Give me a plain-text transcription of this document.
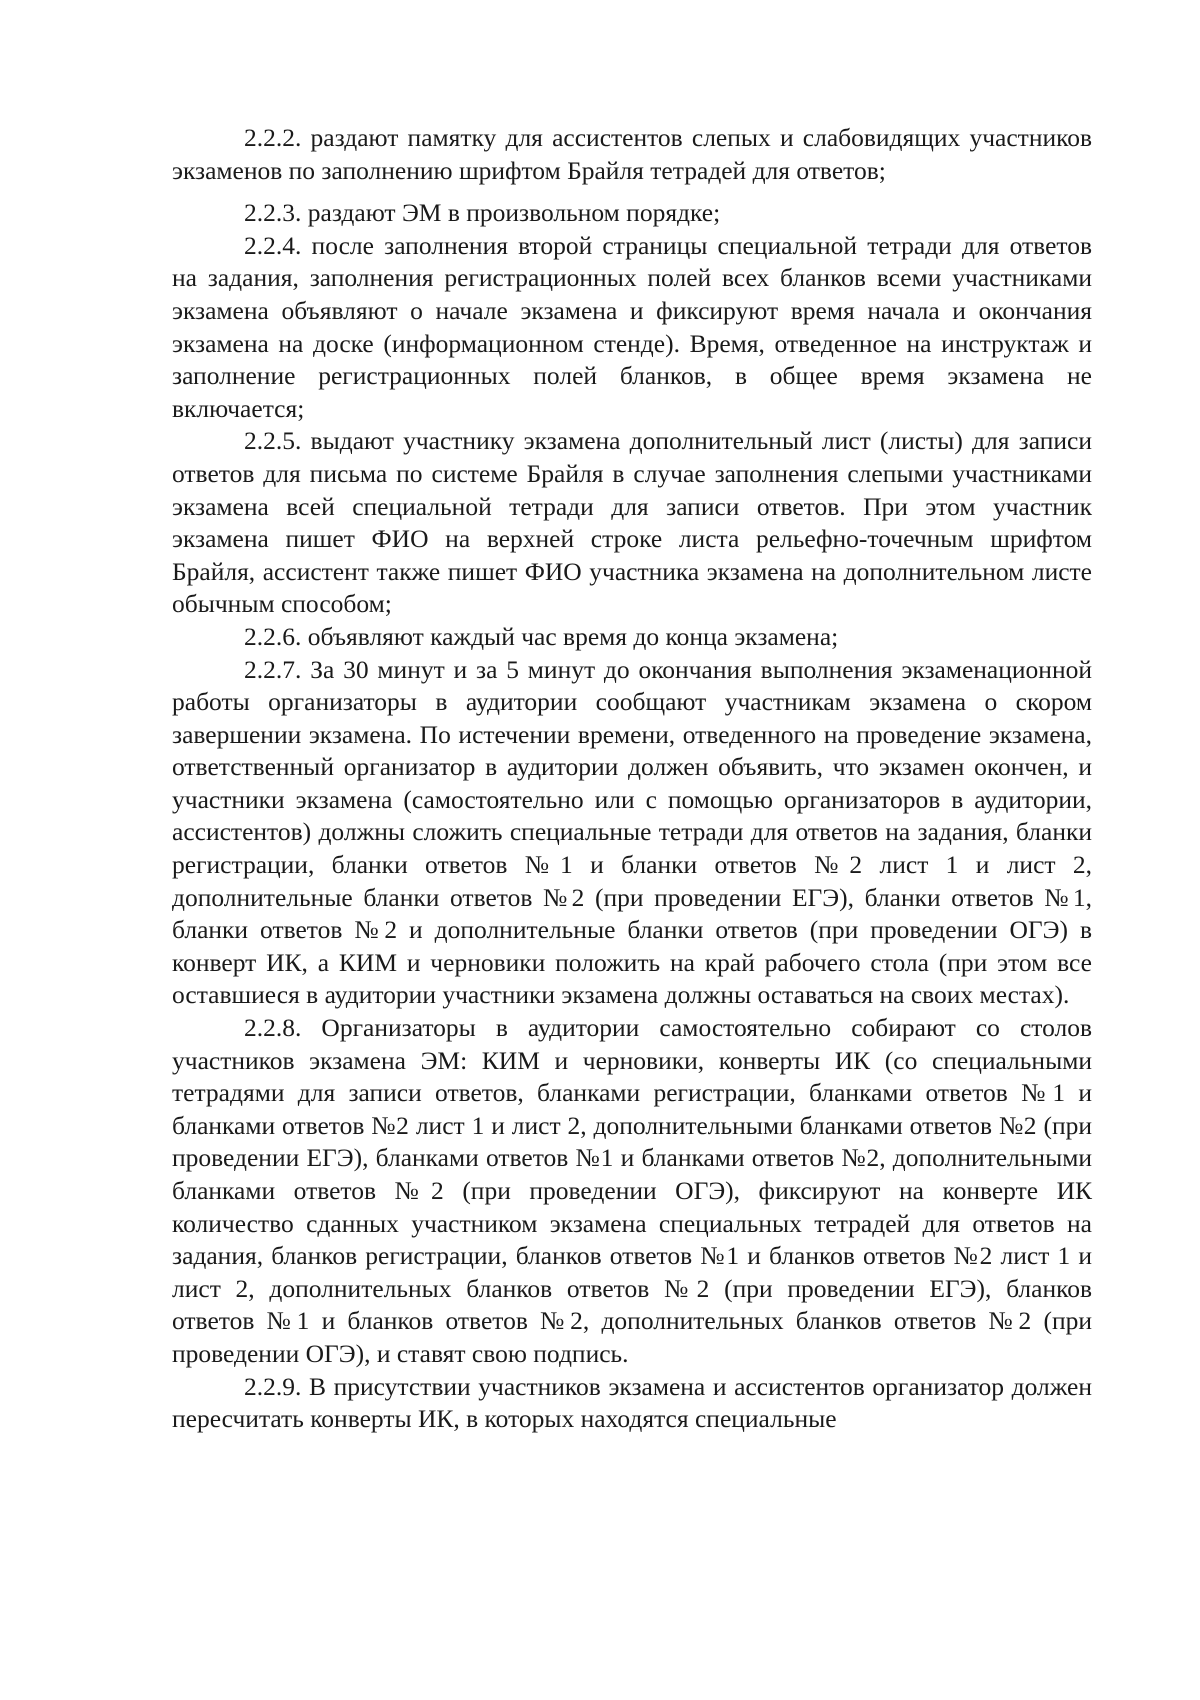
2.2.2. раздают памятку для ассистентов слепых и слабовидящих участников экзаменов по заполнению шрифтом Брайля тетрадей для ответов;

2.2.3. раздают ЭМ в произвольном порядке;

2.2.4. после заполнения второй страницы специальной тетради для ответов на задания, заполнения регистрационных полей всех бланков всеми участниками экзамена объявляют о начале экзамена и фиксируют время начала и окончания экзамена на доске (информационном стенде). Время, отведенное на инструктаж и заполнение регистрационных полей бланков, в общее время экзамена не включается;

2.2.5. выдают участнику экзамена дополнительный лист (листы) для записи ответов для письма по системе Брайля в случае заполнения слепыми участниками экзамена всей специальной тетради для записи ответов. При этом участник экзамена пишет ФИО на верхней строке листа рельефно-точечным шрифтом Брайля, ассистент также пишет ФИО участника экзамена на дополнительном листе обычным способом;

2.2.6. объявляют каждый час время до конца экзамена;

2.2.7. За 30 минут и за 5 минут до окончания выполнения экзаменационной работы организаторы в аудитории сообщают участникам экзамена о скором завершении экзамена. По истечении времени, отведенного на проведение экзамена, ответственный организатор в аудитории должен объявить, что экзамен окончен, и участники экзамена (самостоятельно или с помощью организаторов в аудитории, ассистентов) должны сложить специальные тетради для ответов на задания, бланки регистрации, бланки ответов №1 и бланки ответов №2 лист 1 и лист 2, дополнительные бланки ответов №2 (при проведении ЕГЭ), бланки ответов №1, бланки ответов №2 и дополнительные бланки ответов (при проведении ОГЭ) в конверт ИК, а КИМ и черновики положить на край рабочего стола (при этом все оставшиеся в аудитории участники экзамена должны оставаться на своих местах).

2.2.8. Организаторы в аудитории самостоятельно собирают со столов участников экзамена ЭМ: КИМ и черновики, конверты ИК (со специальными тетрадями для записи ответов, бланками регистрации, бланками ответов №1 и бланками ответов №2 лист 1 и лист 2, дополнительными бланками ответов №2 (при проведении ЕГЭ), бланками ответов №1 и бланками ответов №2, дополнительными бланками ответов №2 (при проведении ОГЭ), фиксируют на конверте ИК количество сданных участником экзамена специальных тетрадей для ответов на задания, бланков регистрации, бланков ответов №1 и бланков ответов №2 лист 1 и лист 2, дополнительных бланков ответов №2 (при проведении ЕГЭ), бланков ответов №1 и бланков ответов №2, дополнительных бланков ответов №2 (при проведении ОГЭ), и ставят свою подпись.

2.2.9. В присутствии участников экзамена и ассистентов организатор должен пересчитать конверты ИК, в которых находятся специальные
